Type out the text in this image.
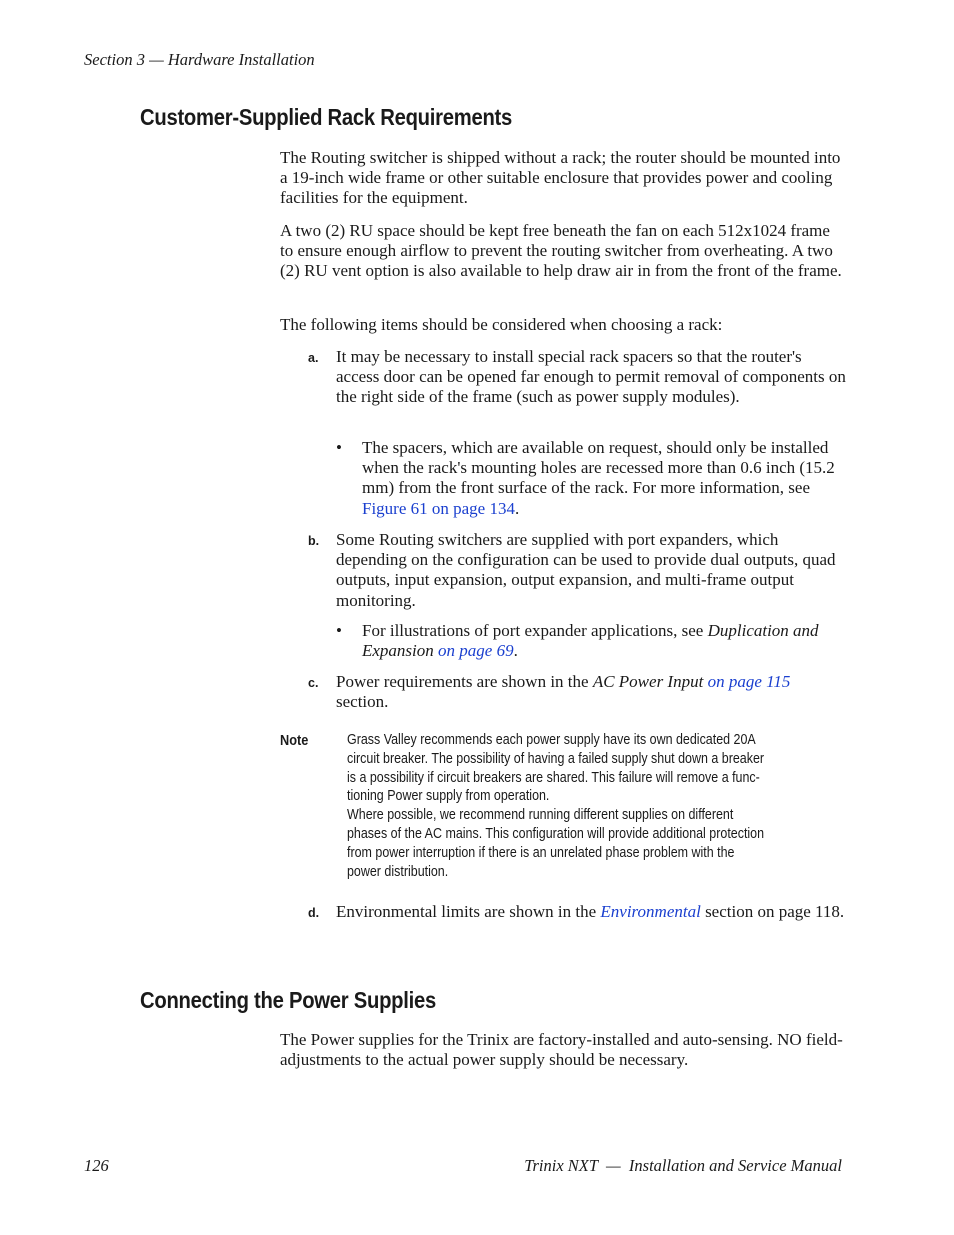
Section 3 — Hardware Installation
Customer-Supplied Rack Requirements
The Routing switcher is shipped without a rack; the router should be mounted into a 19-inch wide frame or other suitable enclosure that provides power and cooling facilities for the equipment.
A two (2) RU space should be kept free beneath the fan on each 512x1024 frame to ensure enough airflow to prevent the routing switcher from overheating. A two (2) RU vent option is also available to help draw air in from the front of the frame.
The following items should be considered when choosing a rack:
a. It may be necessary to install special rack spacers so that the router's access door can be opened far enough to permit removal of components on the right side of the frame (such as power supply modules).
• The spacers, which are available on request, should only be installed when the rack's mounting holes are recessed more than 0.6 inch (15.2 mm) from the front surface of the rack. For more information, see Figure 61 on page 134.
b. Some Routing switchers are supplied with port expanders, which depending on the configuration can be used to provide dual outputs, quad outputs, input expansion, output expansion, and multi-frame output monitoring.
• For illustrations of port expander applications, see Duplication and Expansion on page 69.
c. Power requirements are shown in the AC Power Input on page 115
section.
Note	Grass Valley recommends each power supply have its own dedicated 20A
circuit breaker. The possibility of having a failed supply shut down a breaker
is a possibility if circuit breakers are shared. This failure will remove a func-
tioning Power supply from operation.
Where possible, we recommend running different supplies on different
phases of the AC mains. This configuration will provide additional protection
from power interruption if there is an unrelated phase problem with the
power distribution.
d. Environmental limits are shown in the Environmental section on page 118.
Connecting the Power Supplies
The Power supplies for the Trinix are factory-installed and auto-sensing. NO field-adjustments to the actual power supply should be necessary.
126	Trinix NXT  —  Installation and Service Manual
